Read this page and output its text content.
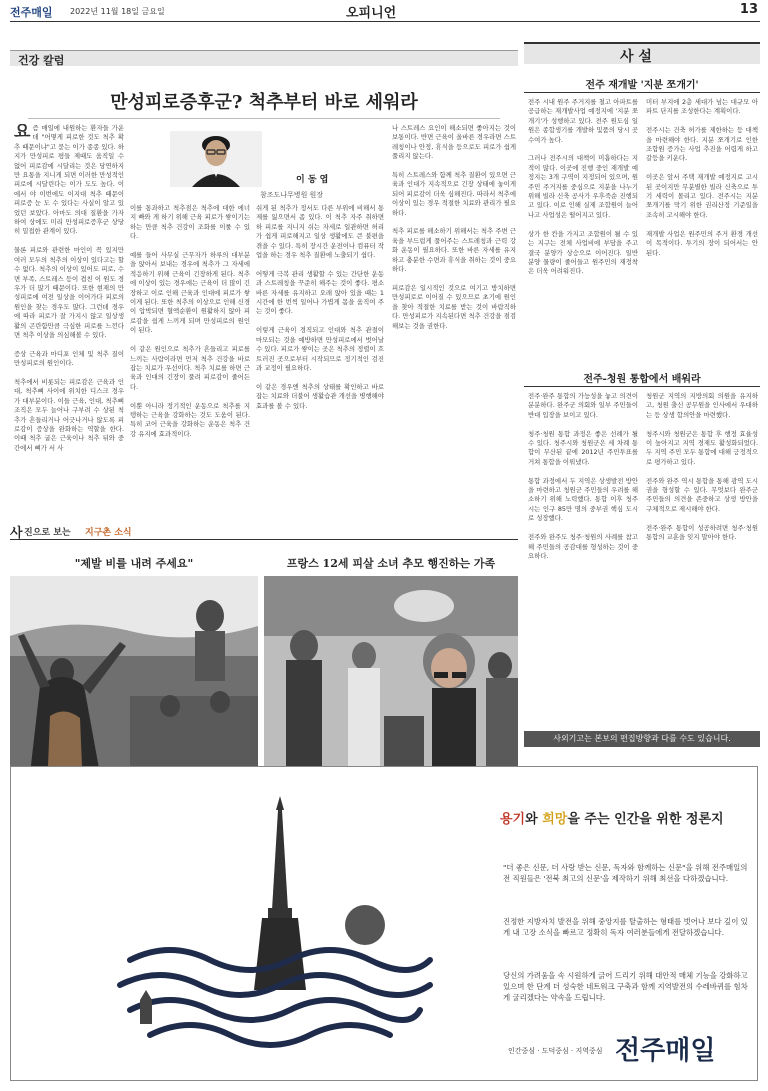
전주매일 2022년 11월 18일 금요일	오피니언	13
건강 칼럼
만성피로증후군? 척추부터 바로 세워라
이 동 엽
참조도나무병원 원장
요즘 매일에 내원하는 환자들 가운데 "어떻게 피로한 것도 척추 확추 때문이냐"고 묻는 이가 종종 있다. 하지가 만성피로 평들 제때도 움직일 수 없어 피로감에 시달리는 것은 당연하지만 요통을 지니게 되면 이러한 만성적인 피로에 시달린다는 이가 도도 높다. 이에서 야 이번에도 이지대 척추 때문이 피로증 눈 도 수 있다는 사실이 알고 있었던 보았다. 아마도 의대 질환을 가자하여 상에도 미리 만성피로증후군 상당히 밀접한 관계이 있다.

물론 피로와 관련한 마인이 꼭 있지만 여러 모두의 척추의 이상이 있다고는 할 수 없다. 척추의 이상이 있어도 피로, 수면 부족, 스트레스 등이 겹친 이 원도 경우가 더 많기 때문이다. 또한 현재의 만성피로에 여전 일상을 이어가다 피로의 원인을 찾는 경우도 많다. 그런데 경우에 따라 피로가 잘 가지시 않고 일상생활의 곤란함만큼 극심한 피로를 느낀다면 척추 이상을 의심해볼 수 있다.

증상 근육과 마디포 인체 및 척추 질이 만성피로의 원인이다.

척추에서 비롯되는 피로감은 근육과 인대, 척추뼈 사이에 위치한 디스크 경우가 대부분이다. 이들 근육, 인대, 척추뼈 조직은 모두 늘어나 구부려 수 상된 척추가 흔들리거나 어긋나거나 않도록 피로감이 증상을 완화하는 역할을 한다. 이때 척추 굽은 근육이나 척추 뒤와 중간에서 뼈가 서 사
이를 통과하고 척추점은 척추에 대한 에너지 빠와 게 하기 위해 근육 피로가 쌓이기는 하는 만큼 척추 건강이 조화를 이룰 수 있다.

예를 들어 사무실 근무자가 하루의 대부분을 앉아서 보내는 경우에 척추가 그 자세에 적응하기 위해 근육이 긴장하게 된다. 척추에 이상이 있는 경우에는 근육이 더 많이 긴장하고 이로 인해 근육과 인대에 피로가 쌓이게 된다. 또한 척추의 이상으로 인해 신경이 압박되면 혈액순환이 원활하지 않아 피로감을 쉽게 느끼게 되며 만성피로의 원인이 된다.

이 같은 원인으로 척추가 흔들리고 피로를 느끼는 사람이라면 먼저 척추 건강을 바로잡는 치료가 우선이다. 척추 치료를 하면 근육과 인대의 긴장이 풀려 피로감이 줄어든다.

이뿐 아니라 정기적인 운동으로 척추를 지탱하는 근육을 강화하는 것도 도움이 된다. 특히 코어 근육을 강화하는 운동은 척추 건강 유지에 효과적이다.
쉬게 된 척추가 정서도 다른 부위에 비해서 통제를 잃으면서 좀 있다. 이 척추 자주 취하면 하 피로를 지니지 쉬는 자세로 일관하면 허리가 쉽게 피로해지고 일상 생활에도 큰 불편을 겪을 수 있다. 특히 장시간 운전이나 컴퓨터 작업을 하는 경우 척추 질환에 노출되기 쉽다.

어떻게 극복 관리 생활할 수 있는 간단한 운동과 스트레칭을 꾸준히 해주는 것이 좋다. 평소 바른 자세를 유지하고 오래 앉아 있을 때는 1시간에 한 번씩 일어나 가볍게 몸을 움직여 주는 것이 좋다.

이렇게 근육이 경직되고 인대와 척추 관절이 마모되는 것을 예방하면 만성피로에서 벗어날 수 있다. 피로가 쌓이는 곳은 척추의 정렬이 흐트러진 곳으로부터 시작되므로 정기적인 검진과 교정이 필요하다.

이 같은 경우엔 척추의 상태를 확인하고 바로잡는 치료와 더불어 생활습관 개선을 병행해야 효과를 볼 수 있다.
나 스트레스 요인이 해소되면 좋아지는 것이 보통이다. 반면 근육이 올바른 경우라면 스트레칭이나 안정, 휴식을 등으로도 피로가 쉽게 풀리지 않는다.

특히 스트레스와 함께 척추 질환이 있으면 근육과 인대가 지속적으로 긴장 상태에 놓이게 되어 피로감이 더욱 심해진다. 따라서 척추에 이상이 있는 경우 적절한 치료와 관리가 필요하다.

척추 피로를 해소하기 위해서는 척추 주변 근육을 부드럽게 풀어주는 스트레칭과 근력 강화 운동이 필요하다. 또한 바른 자세를 유지하고 충분한 수면과 휴식을 취하는 것이 중요하다.

피로감은 일시적인 것으로 여기고 방치하면 만성피로로 이어질 수 있으므로 초기에 원인을 찾아 적절한 치료를 받는 것이 바람직하다. 만성피로가 지속된다면 척추 건강을 점검해보는 것을 권한다.
사 진으로 보는 지구촌 소식
"제발 비를 내려 주세요"	프랑스 12세 피살 소녀 추모 행진하는 가족
사 설
전주 재개발 '지분 쪼개기'
전주 시내 원주 주거지를 철고 아파트를 공급하는 재개발사업 예정지에 '지분 쪼개기'가 성행하고 있다. 전주 원도심 일원은 종합생기를 개발하 및품의 당시 곳 수여가 높다.

그러나 전주시의 대책이 미흡하다는 지적이 많다. 이곳에 진행 중인 재개발 예정지는 3개 구역이 지정되어 있으며, 원주민 주거지를 중심으로 지분을 나누기 위해 빌라 신축 공사가 우후죽순 진행되고 있다. 이로 인해 실제 조합원이 늘어나고 사업성은 떨어지고 있다.

상가 한 칸을 가지고 조합원이 될 수 있는 지구는 전체 사업비에 부담을 주고 결국 분양가 상승으로 이어진다. 일반 분양 물량이 줄어들고 원주민의 재정착은 더욱 어려워진다.
미터 부지에 2층 세대가 넘는 대규모 아파트 단지를 조성한다는 계획이다.

전주시는 건축 허가를 제한하는 등 대책을 마련해야 한다. 지분 쪼개기로 인한 조합원 증가는 사업 추진을 어렵게 하고 갈등을 키운다.

이곳은 앞서 주택 재개발 예정지로 고시된 곳이지만 무분별한 빌라 신축으로 투기 세력이 몰리고 있다. 전주시는 지분 쪼개기를 막기 위한 권리산정 기준일을 조속히 고시해야 한다.

재개발 사업은 원주민의 주거 환경 개선이 목적이다. 투기의 장이 되어서는 안 된다.
전주-청원 통합에서 배워라
전주·완주 통합의 가능성을 놓고 의견이 분분하다. 완주군 의회와 일부 주민들이 반대 입장을 보이고 있다.

청주·청원 통합 과정은 좋은 선례가 될 수 있다. 청주시와 청원군은 세 차례 통합이 무산된 끝에 2012년 주민투표를 거쳐 통합을 이뤄냈다.

통합 과정에서 두 지역은 상생발전 방안을 마련하고 청원군 주민들의 우려를 해소하기 위해 노력했다. 통합 이후 청주시는 인구 85만 명의 중부권 핵심 도시로 성장했다.

전주와 완주도 청주·청원의 사례를 참고해 주민들의 공감대를 형성하는 것이 중요하다.
청원군 지역의 지방의회 의원을 유지하고, 청원 출신 공무원을 인사에서 우대하는 등 상생 합의안을 마련했다.

청주시와 청원군은 통합 후 행정 효율성이 높아지고 지역 경제도 활성화되었다. 두 지역 주민 모두 통합에 대해 긍정적으로 평가하고 있다.

전주와 완주 역시 통합을 통해 광역 도시권을 형성할 수 있다. 무엇보다 완주군 주민들의 의견을 존중하고 상생 방안을 구체적으로 제시해야 한다.

전주·완주 통합이 성공하려면 청주·청원 통합의 교훈을 잊지 말아야 한다.
사외기고는 본보의 편집방향과 다를 수도 있습니다.
용기와 희망을 주는 인간을 위한 정론지
"더 좋은 신문, 더 사랑 받는 신문, 독자와 함께하는 신문"을 위해 전주매일의 전 직원들은 '전북 최고의 신문'을 제작하기 위해 최선을 다하겠습니다.
진정한 지방자치 발전을 위해 중앙지를 탈출하는 형태를 벗어나 보다 깊이 있게 내 고장 소식을 빠르고 정확히 독자 여러분들에게 전달하겠습니다.
당신의 가려움을 속 시원하게 긁어 드리기 위해 대안적 매체 기능을 강화하고 있으며 한 단계 더 성숙한 네트워크 구축과 함께 지역발전의 수레바퀴를 힘차게 굴리겠다는 약속을 드립니다.
인간중심 · 도덕중심 · 지역중심 전주매일
